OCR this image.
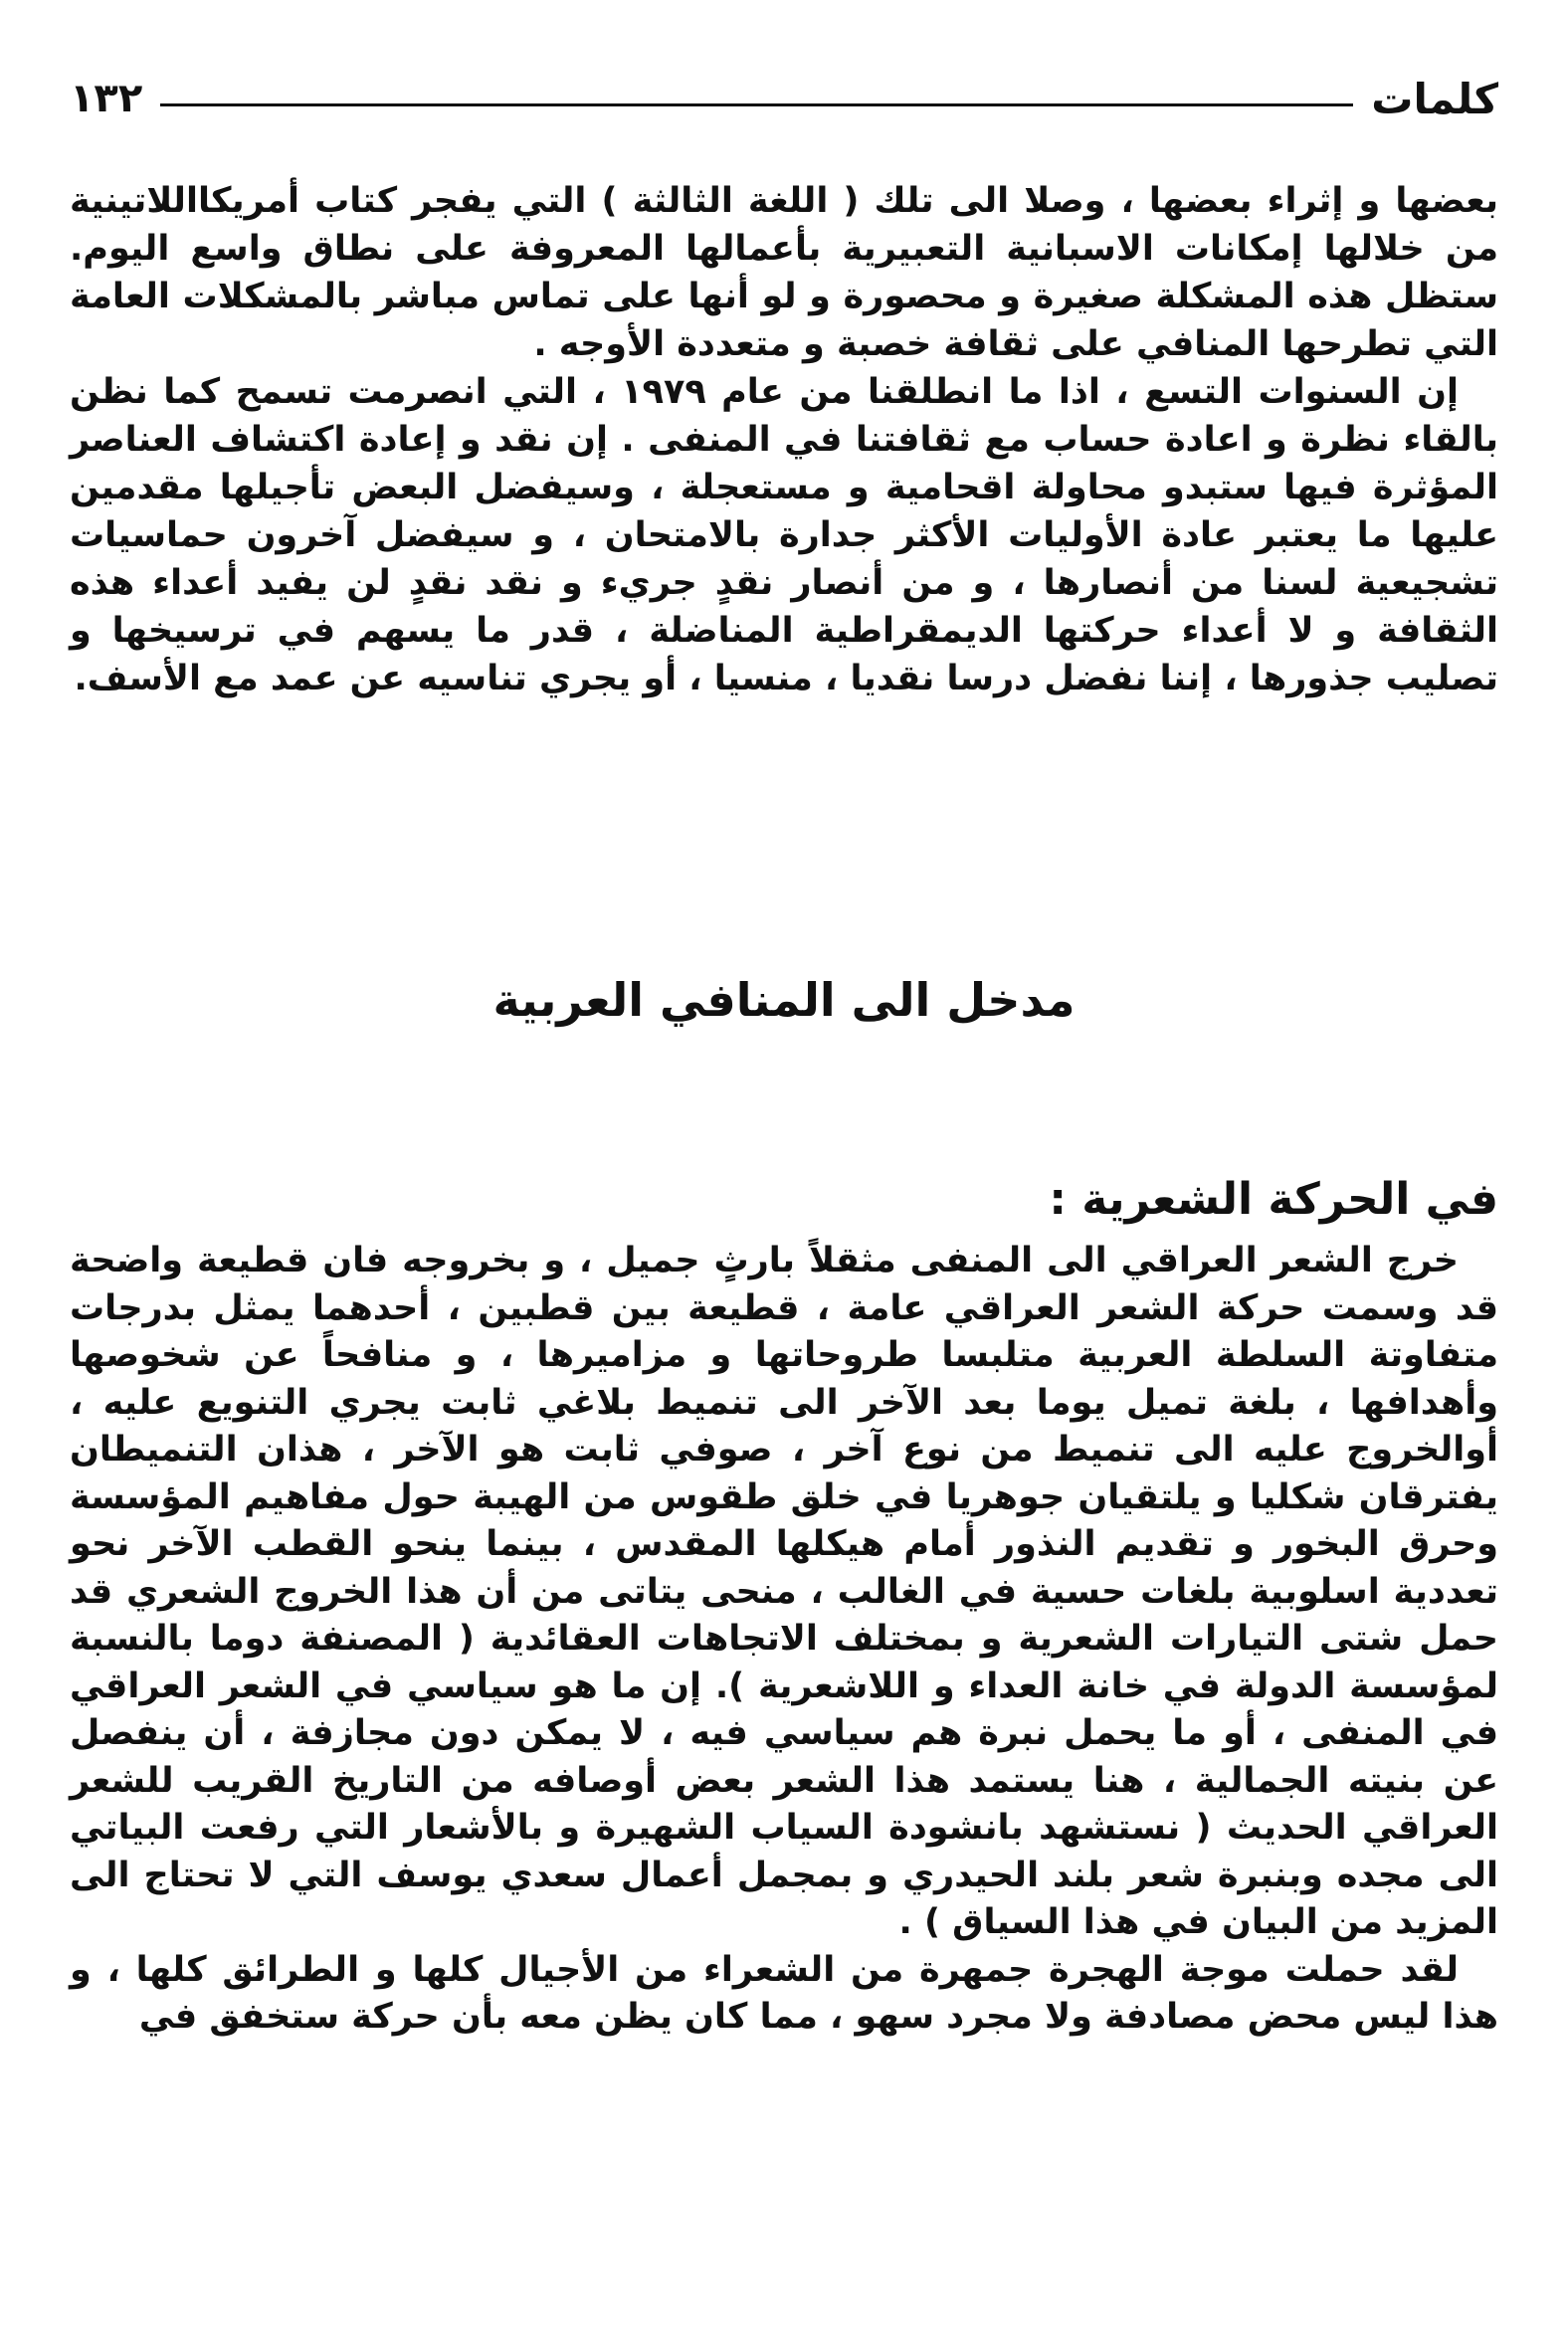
كلمات
١٣٢

بعضها و إثراء بعضها ، وصلا الى تلك ( اللغة الثالثة ) التي يفجر كتاب أمريكااللاتينية من خلالها إمكانات الاسبانية التعبيرية بأعمالها المعروفة على نطاق واسع اليوم. ستظل هذه المشكلة صغيرة و محصورة و لو أنها على تماس مباشر بالمشكلات العامة التي تطرحها المنافي على ثقافة خصبة و متعددة الأوجه .

إن السنوات التسع ، اذا ما انطلقنا من عام ١٩٧٩ ، التي انصرمت تسمح كما نظن بالقاء نظرة و اعادة حساب مع ثقافتنا في المنفى . إن نقد و إعادة اكتشاف العناصر المؤثرة فيها ستبدو محاولة اقحامية و مستعجلة ، وسيفضل البعض تأجيلها مقدمين عليها ما يعتبر عادة الأوليات الأكثر جدارة بالامتحان ، و سيفضل آخرون حماسيات تشجيعية لسنا من أنصارها ، و من أنصار نقدٍ جريء و نقد نقدٍ لن يفيد أعداء هذه الثقافة و لا أعداء حركتها الديمقراطية المناضلة ، قدر ما يسهم في ترسيخها و تصليب جذورها ، إننا نفضل درسا نقديا ، منسيا ، أو يجري تناسيه عن عمد مع الأسف.

مدخل الى المنافي العربية
في الحركة الشعرية :

خرج الشعر العراقي الى المنفى مثقلاً بارثٍ جميل ، و بخروجه فان قطيعة واضحة قد وسمت حركة الشعر العراقي عامة ، قطيعة بين قطبين ، أحدهما يمثل بدرجات متفاوتة السلطة العربية متلبسا طروحاتها و مزاميرها ، و منافحاً عن شخوصها وأهدافها ، بلغة تميل يوما بعد الآخر الى تنميط بلاغي ثابت يجري التنويع عليه ، أوالخروج عليه الى تنميط من نوع آخر ، صوفي ثابت هو الآخر ، هذان التنميطان يفترقان شكليا و يلتقيان جوهريا في خلق طقوس من الهيبة حول مفاهيم المؤسسة وحرق البخور و تقديم النذور أمام هيكلها المقدس ، بينما ينحو القطب الآخر نحو تعددية اسلوبية بلغات حسية في الغالب ، منحى يتاتى من أن هذا الخروج الشعري قد حمل شتى التيارات الشعرية و بمختلف الاتجاهات العقائدية ( المصنفة دوما بالنسبة لمؤسسة الدولة في خانة العداء و اللاشعرية ). إن ما هو سياسي في الشعر العراقي في المنفى ، أو ما يحمل نبرة هم سياسي فيه ، لا يمكن دون مجازفة ، أن ينفصل عن بنيته الجمالية ، هنا يستمد هذا الشعر بعض أوصافه من التاريخ القريب للشعر العراقي الحديث ( نستشهد بانشودة السياب الشهيرة و بالأشعار التي رفعت البياتي الى مجده وبنبرة شعر بلند الحيدري و بمجمل أعمال سعدي يوسف التي لا تحتاج الى المزيد من البيان في هذا السياق ) .

لقد حملت موجة الهجرة جمهرة من الشعراء من الأجيال كلها و الطرائق كلها ، و هذا ليس محض مصادفة ولا مجرد سهو ، مما كان يظن معه بأن حركة ستخفق في
